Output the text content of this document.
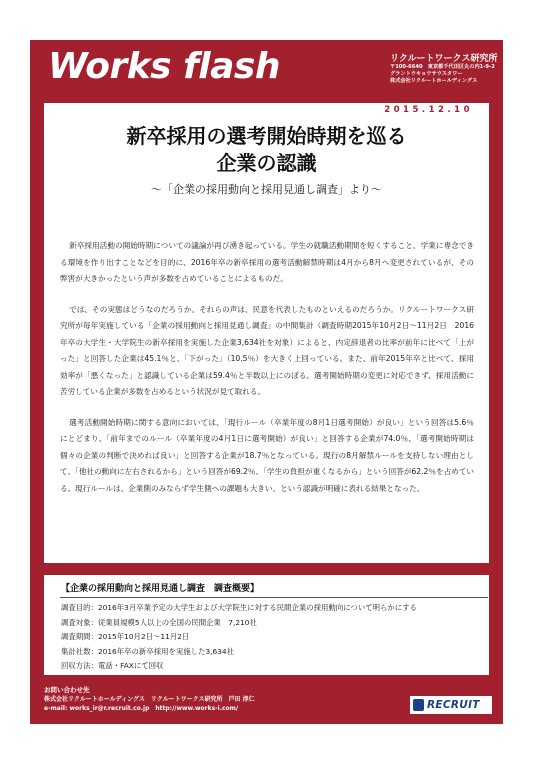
Works flash	リクルートワークス研究所
〒100-6640　東京都千代田区丸の内1-9-2
グラントウキョウサウスタワー
株式会社リクルートホールディングス
2015.12.10
新卒採用の選考開始時期を巡る
企業の認識
～「企業の採用動向と採用見通し調査」より～

新卒採用活動の開始時期についての議論が再び湧き起っている。学生の就職活動期間を短くすること、学業に専念できる環境を作り出すことなどを目的に、2016年卒の新卒採用の選考活動解禁時期は4月から8月へ変更されているが、その弊害が大きかったという声が多数を占めていることによるものだ。

では、その実態はどうなのだろうか。それらの声は、民意を代表したものといえるのだろうか。リクルートワークス研究所が毎年実施している「企業の採用動向と採用見通し調査」の中間集計（調査時期2015年10月2日～11月2日　2016年卒の大学生・大学院生の新卒採用を実施した企業3,634社を対象）によると、内定辞退者の比率が前年に比べて「上がった」と回答した企業は45.1％と、「下がった」（10.5％）を大きく上回っている。また、前年2015年卒と比べて、採用効率が「悪くなった」と認識している企業は59.4％と半数以上にのぼる。選考開始時期の変更に対応できず、採用活動に苦労している企業が多数を占めるという状況が見て取れる。

選考活動開始時期に関する意向においては、「現行ルール（卒業年度の8月1日選考開始）が良い」という回答は5.6％にとどまり、「前年までのルール（卒業年度の4月1日に選考開始）が良い」と回答する企業が74.0％、「選考開始時期は個々の企業の判断で決めれば良い」と回答する企業が18.7％となっている。現行の8月解禁ルールを支持しない理由として、「他社の動向に左右されるから」という回答が69.2％、「学生の負担が重くなるから」という回答が62.2％を占めている。現行ルールは、企業側のみならず学生側への課題も大きい、という認識が明確に表れる結果となった。

【企業の採用動向と採用見通し調査　調査概要】
調査目的：2016年3月卒業予定の大学生および大学院生に対する民間企業の採用動向について明らかにする
調査対象：従業員規模5人以上の全国の民間企業　7,210社
調査期間：2015年10月2日～11月2日
集計社数：2016年卒の新卒採用を実施した3,634社
回収方法：電話・FAXにて回収
お問い合わせ先
株式会社リクルートホールディングス　リクルートワークス研究所　戸田 淳仁
e-mail: works_ir@r.recruit.co.jp　http://www.works-i.com/	RECRUIT
